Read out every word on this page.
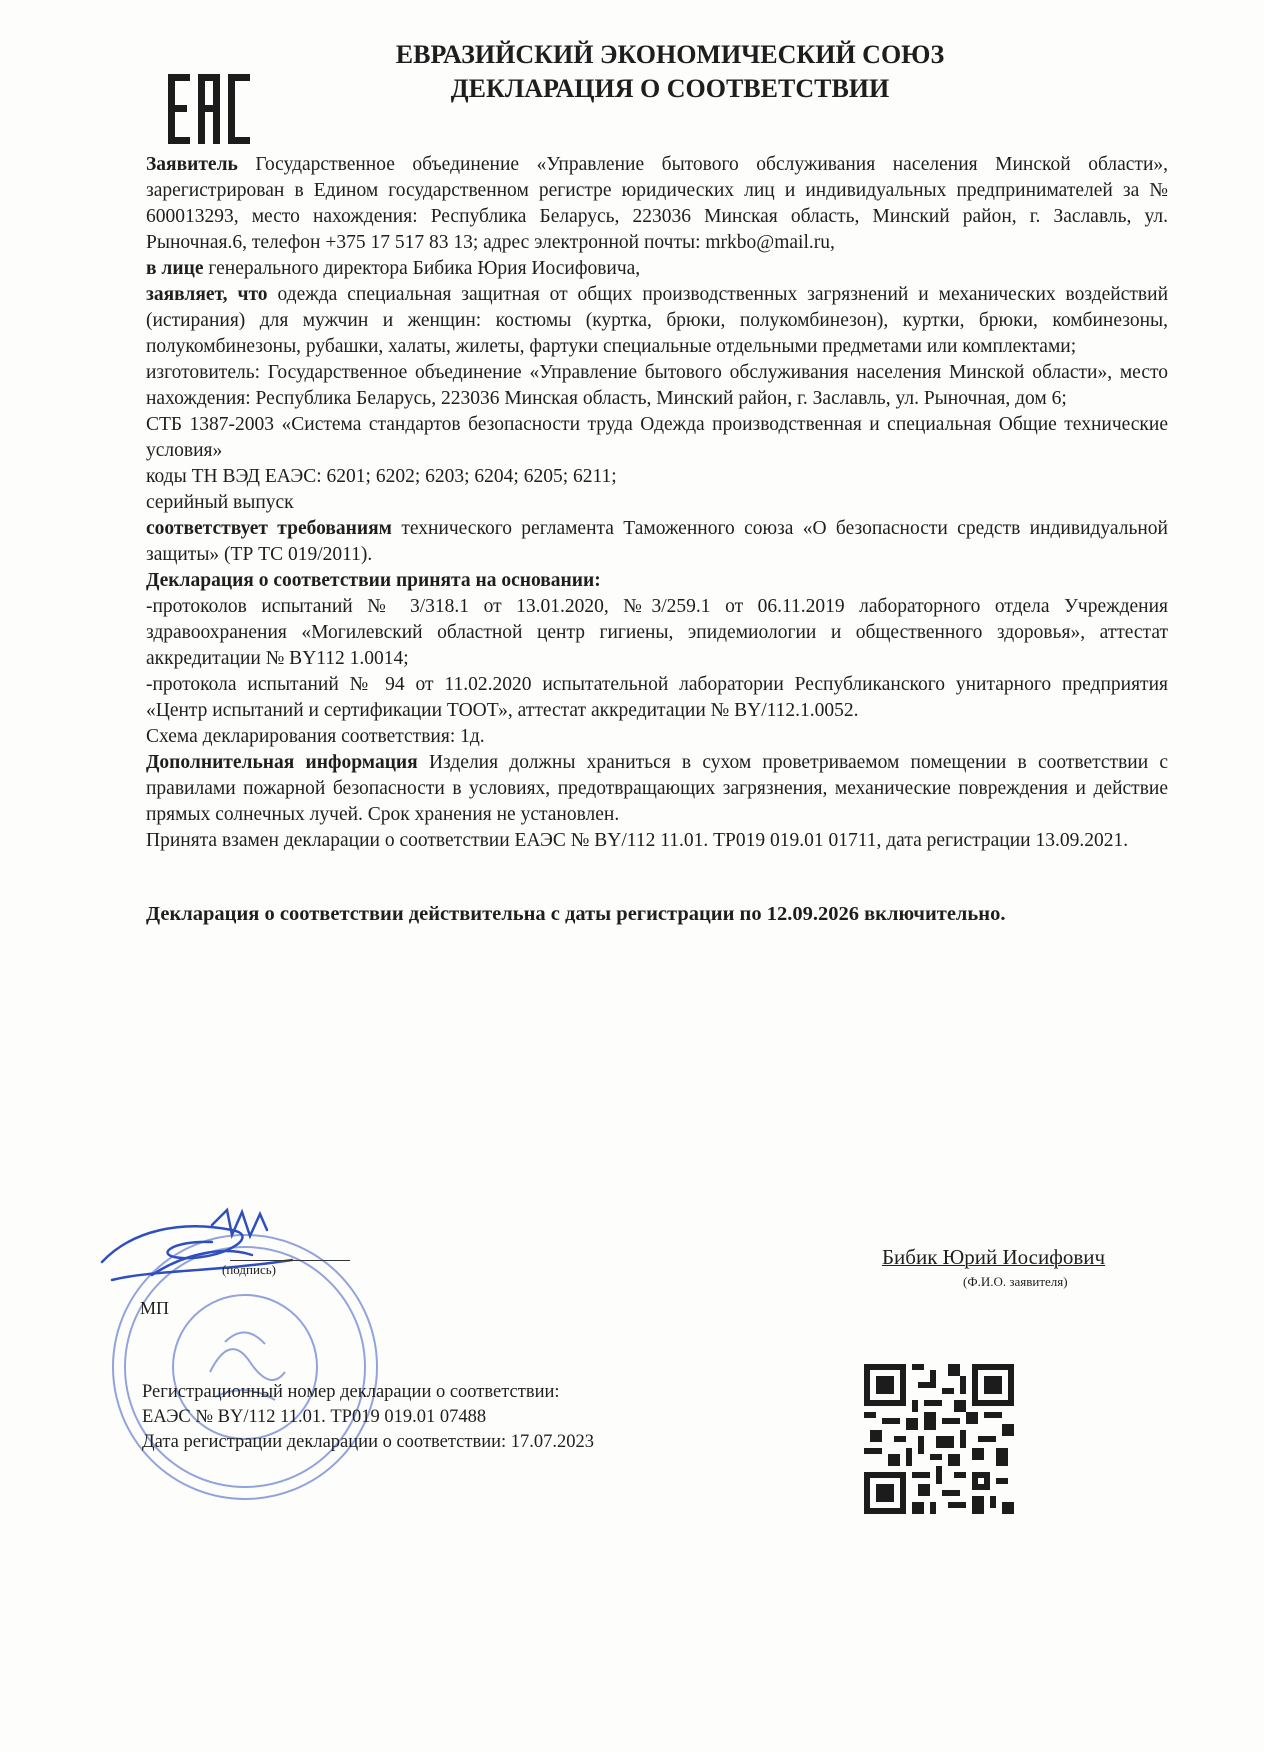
ЕВРАЗИЙСКИЙ ЭКОНОМИЧЕСКИЙ СОЮЗ
ДЕКЛАРАЦИЯ О СООТВЕТСТВИИ

Заявитель Государственное объединение «Управление бытового обслуживания населения Минской области», зарегистрирован в Едином государственном регистре юридических лиц и индивидуальных предпринимателей за № 600013293, место нахождения: Республика Беларусь, 223036 Минская область, Минский район, г. Заславль, ул. Рыночная.6, телефон +375 17 517 83 13; адрес электронной почты: mrkbo@mail.ru,

в лице генерального директора Бибика Юрия Иосифовича,

заявляет, что одежда специальная защитная от общих производственных загрязнений и механических воздействий (истирания) для мужчин и женщин: костюмы (куртка, брюки, полукомбинезон), куртки, брюки, комбинезоны, полукомбинезоны, рубашки, халаты, жилеты, фартуки специальные отдельными предметами или комплектами;

изготовитель: Государственное объединение «Управление бытового обслуживания населения Минской области», место нахождения: Республика Беларусь, 223036 Минская область, Минский район, г. Заславль, ул. Рыночная, дом 6;

СТБ 1387-2003 «Система стандартов безопасности труда Одежда производственная и специальная Общие технические условия»

коды ТН ВЭД ЕАЭС: 6201; 6202; 6203; 6204; 6205; 6211;

серийный выпуск

соответствует требованиям технического регламента Таможенного союза «О безопасности средств индивидуальной защиты» (ТР ТС 019/2011).

Декларация о соответствии принята на основании:

-протоколов испытаний № 3/318.1 от 13.01.2020, №3/259.1 от 06.11.2019 лабораторного отдела Учреждения здравоохранения «Могилевский областной центр гигиены, эпидемиологии и общественного здоровья», аттестат аккредитации № BY112 1.0014;

-протокола испытаний № 94 от 11.02.2020 испытательной лаборатории Республиканского унитарного предприятия «Центр испытаний и сертификации ТООТ», аттестат аккредитации № BY/112.1.0052.

Схема декларирования соответствия: 1д.

Дополнительная информация Изделия должны храниться в сухом проветриваемом помещении в соответствии с правилами пожарной безопасности в условиях, предотвращающих загрязнения, механические повреждения и действие прямых солнечных лучей. Срок хранения не установлен.

Принята взамен декларации о соответствии ЕАЭС № BY/112 11.01. ТР019 019.01 01711, дата регистрации 13.09.2021.

Декларация о соответствии действительна с даты регистрации по 12.09.2026 включительно.

(подпись)
МП
Бибик Юрий Иосифович
(Ф.И.О. заявителя)
Регистрационный номер декларации о соответствии:
ЕАЭС № BY/112 11.01. ТР019 019.01 07488
Дата регистрации декларации о соответствии: 17.07.2023
